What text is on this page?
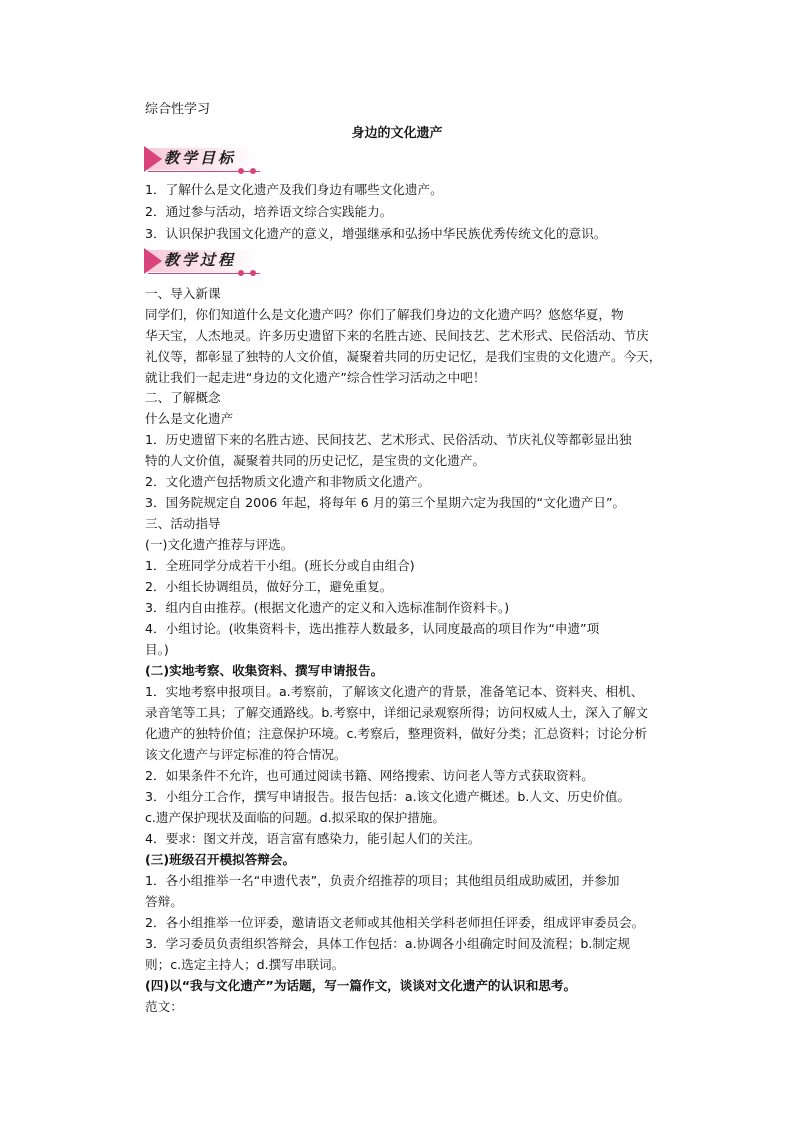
综合性学习
身边的文化遗产
教学目标
1．了解什么是文化遗产及我们身边有哪些文化遗产。
2．通过参与活动，培养语文综合实践能力。
3．认识保护我国文化遗产的意义，增强继承和弘扬中华民族优秀传统文化的意识。
教学过程
一、导入新课
同学们，你们知道什么是文化遗产吗？你们了解我们身边的文化遗产吗？悠悠华夏，物
华天宝，人杰地灵。许多历史遗留下来的名胜古迹、民间技艺、艺术形式、民俗活动、节庆
礼仪等，都彰显了独特的人文价值，凝聚着共同的历史记忆，是我们宝贵的文化遗产。今天，
就让我们一起走进“身边的文化遗产”综合性学习活动之中吧！
二、了解概念
什么是文化遗产
1．历史遗留下来的名胜古迹、民间技艺、艺术形式、民俗活动、节庆礼仪等都彰显出独
特的人文价值，凝聚着共同的历史记忆，是宝贵的文化遗产。
2．文化遗产包括物质文化遗产和非物质文化遗产。
3．国务院规定自 2006 年起，将每年 6 月的第三个星期六定为我国的“文化遗产日”。
三、活动指导
(一)文化遗产推荐与评选。
1．全班同学分成若干小组。(班长分或自由组合)
2．小组长协调组员，做好分工，避免重复。
3．组内自由推荐。(根据文化遗产的定义和入选标准制作资料卡。)
4．小组讨论。(收集资料卡，选出推荐人数最多，认同度最高的项目作为“申遗”项
目。)
(二)实地考察、收集资料、撰写申请报告。
1．实地考察申报项目。a.考察前，了解该文化遗产的背景，准备笔记本、资料夹、相机、
录音笔等工具；了解交通路线。b.考察中，详细记录观察所得；访问权威人士，深入了解文
化遗产的独特价值；注意保护环境。c.考察后，整理资料，做好分类；汇总资料；讨论分析
该文化遗产与评定标准的符合情况。
2．如果条件不允许，也可通过阅读书籍、网络搜索、访问老人等方式获取资料。
3．小组分工合作，撰写申请报告。报告包括：a.该文化遗产概述。b.人文、历史价值。
c.遗产保护现状及面临的问题。d.拟采取的保护措施。
4．要求：图文并茂，语言富有感染力，能引起人们的关注。
(三)班级召开模拟答辩会。
1．各小组推举一名“申遗代表”，负责介绍推荐的项目；其他组员组成助威团，并参加
答辩。
2．各小组推举一位评委，邀请语文老师或其他相关学科老师担任评委，组成评审委员会。
3．学习委员负责组织答辩会，具体工作包括：a.协调各小组确定时间及流程；b.制定规
则；c.选定主持人；d.撰写串联词。
(四)以“我与文化遗产”为话题，写一篇作文，谈谈对文化遗产的认识和思考。
范文：
